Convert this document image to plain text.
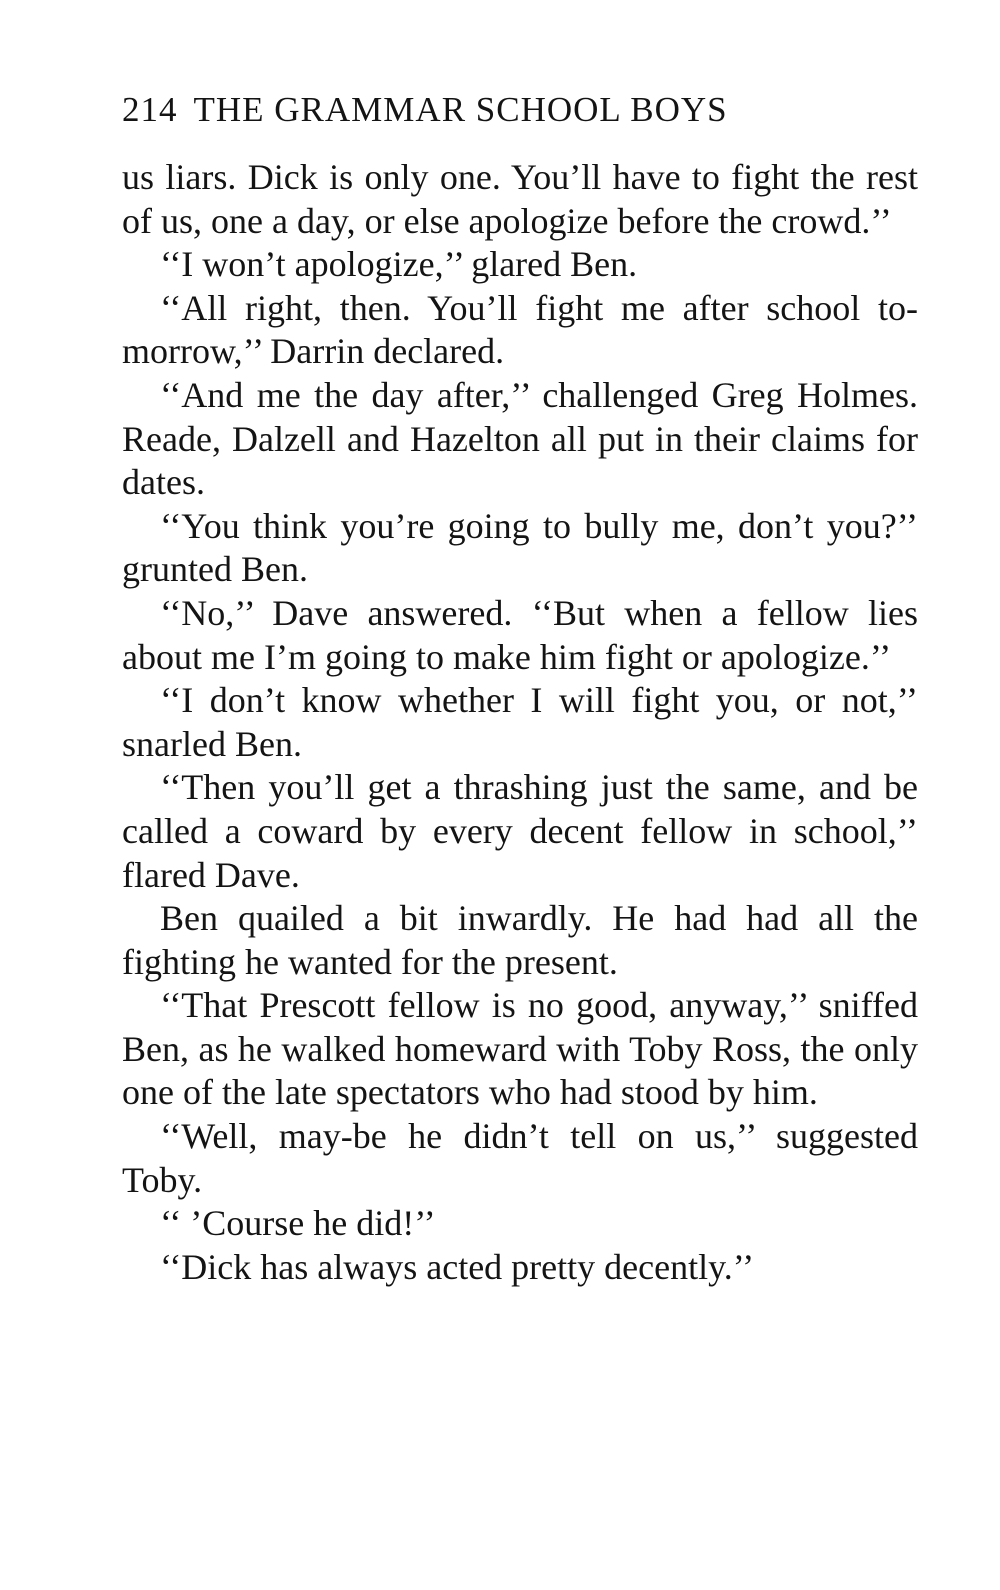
214 THE GRAMMAR SCHOOL BOYS

us liars. Dick is only one. You’ll have to fight the rest of us, one a day, or else apologize before the crowd.’’

‘‘I won’t apologize,’’ glared Ben.

‘‘All right, then. You’ll fight me after school to-morrow,’’ Darrin declared.

‘‘And me the day after,’’ challenged Greg Holmes. Reade, Dalzell and Hazelton all put in their claims for dates.

‘‘You think you’re going to bully me, don’t you?’’ grunted Ben.

‘‘No,’’ Dave answered. ‘‘But when a fellow lies about me I’m going to make him fight or apologize.’’

‘‘I don’t know whether I will fight you, or not,’’ snarled Ben.

‘‘Then you’ll get a thrashing just the same, and be called a coward by every decent fellow in school,’’ flared Dave.

Ben quailed a bit inwardly. He had had all the fighting he wanted for the present.

‘‘That Prescott fellow is no good, anyway,’’ sniffed Ben, as he walked homeward with Toby Ross, the only one of the late spectators who had stood by him.

‘‘Well, may-be he didn’t tell on us,’’ suggested Toby.

‘‘ ’Course he did!’’

‘‘Dick has always acted pretty decently.’’
